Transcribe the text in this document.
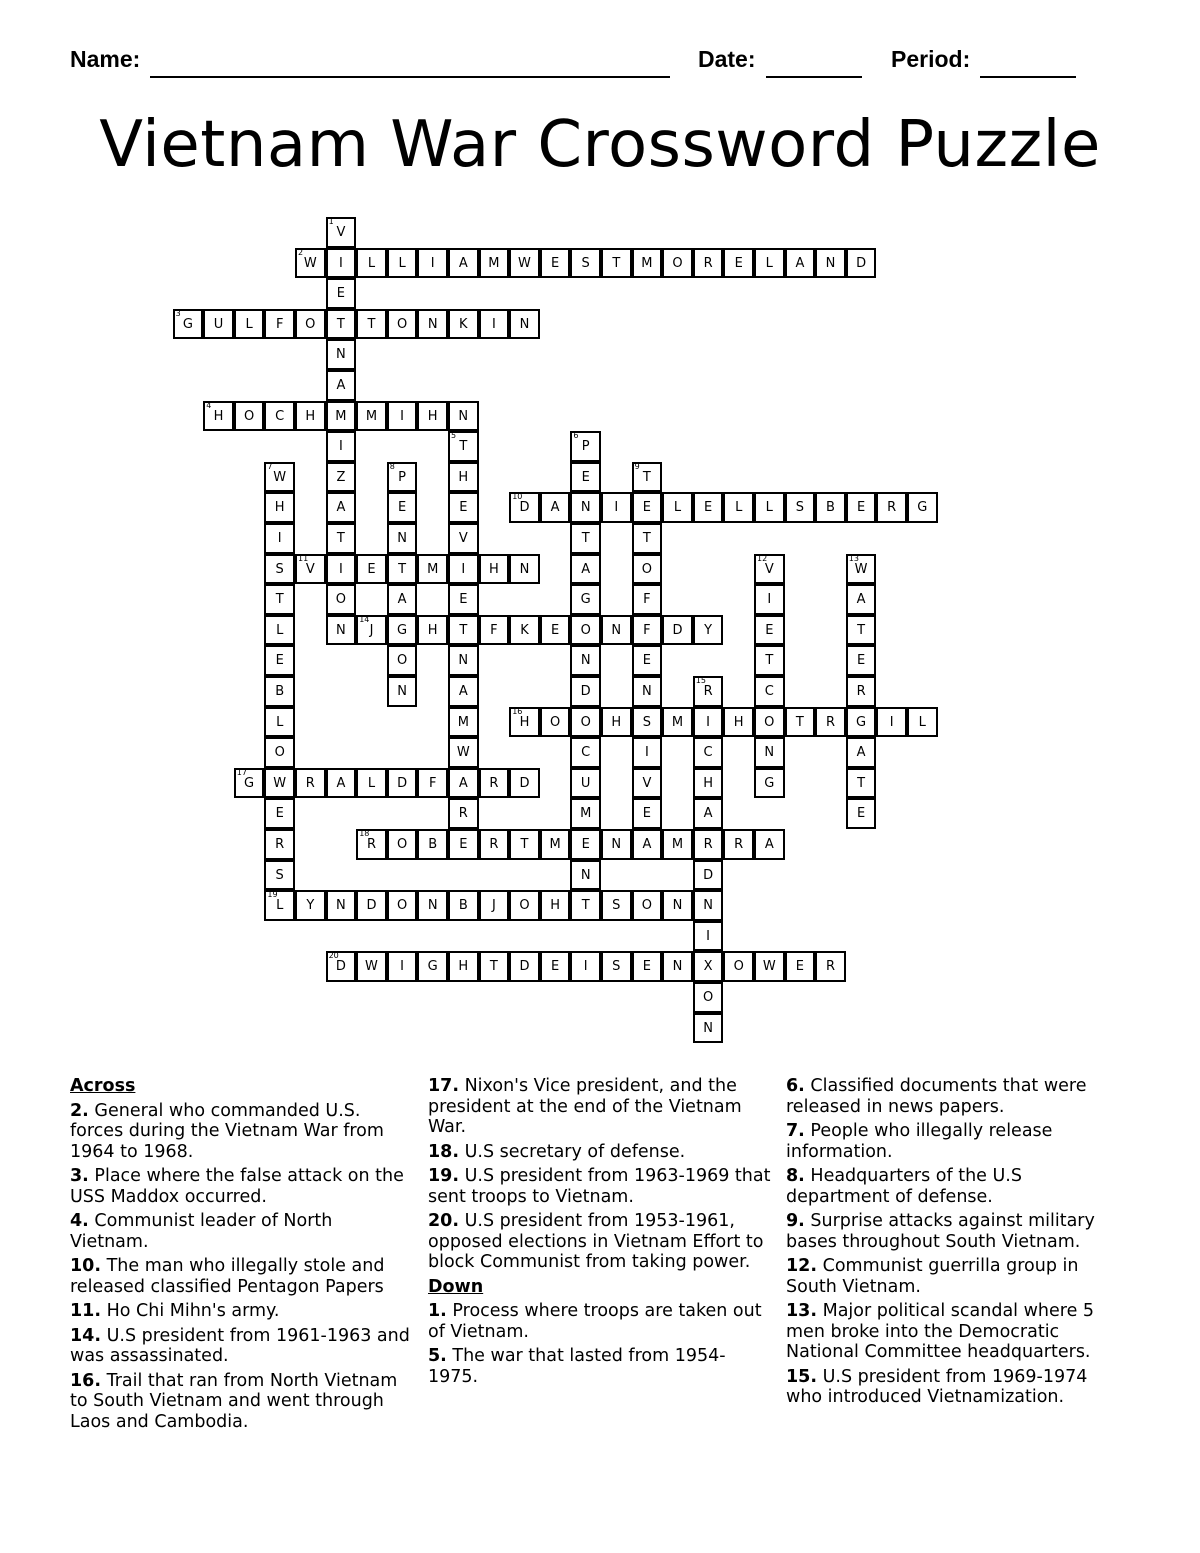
Name:	Date:	Period:
Vietnam War Crossword Puzzle
1
V
I
E
T
N
A
M
I
Z
A
T
I
O
N
2
W	L	L	I	A	M	W	E	S	T	M	O	R	E	L	A	N	D
3
G	U	L	F	O	T	O	N	K	I	N
4
H	O	C	H	M	I	H	N
5
T
H
E
V
I
E
T
N
A
M
W
A
R
6
P
E
N
T
A
G
O
N
D
O
C
U
M
E
N
T
7
W
H
I
S
T
L
E
B
L
O
W
E
R
S
8
P
E
N
T
A
G
O
N
9
T
E
T
O
F
F
E
N
S
I
V
E
10
D	A	I	L	E	L	L	S	B	E	R	G
11
V	E	M	H	N
12
V
I
E
T
C
O
N
G
13
W
A
T
E
R
G
A
T
E
14
J	H	F	K	E	N	D	Y
15
R
I
C
H
A
R
D
N
I
X
O
N
16
H	O	H	M	H	T	R	I	L
17
G	R	A	L	D	F	R	D
18
R	O	B	E	R	T	M	N	A	M	R	A
19
L	Y	N	D	O	N	B	J	O	H	S	O	N
20
D	W	I	G	H	T	D	E	I	S	E	N	O	W	E	R
Across
2. General who commanded U.S. forces during the Vietnam War from 1964 to 1968.
3. Place where the false attack on the USS Maddox occurred.
4. Communist leader of North Vietnam.
10. The man who illegally stole and released classified Pentagon Papers
11. Ho Chi Mihn's army.
14. U.S president from 1961-1963 and was assassinated.
16. Trail that ran from North Vietnam to South Vietnam and went through Laos and Cambodia.
17. Nixon's Vice president, and the president at the end of the Vietnam War.
18. U.S secretary of defense.
19. U.S president from 1963-1969 that sent troops to Vietnam.
20. U.S president from 1953-1961, opposed elections in Vietnam Effort to block Communist from taking power.
Down
1. Process where troops are taken out of Vietnam.
5. The war that lasted from 1954-1975.
6. Classified documents that were released in news papers.
7. People who illegally release information.
8. Headquarters of the U.S department of defense.
9. Surprise attacks against military bases throughout South Vietnam.
12. Communist guerrilla group in South Vietnam.
13. Major political scandal where 5 men broke into the Democratic National Committee headquarters.
15. U.S president from 1969-1974 who introduced Vietnamization.
